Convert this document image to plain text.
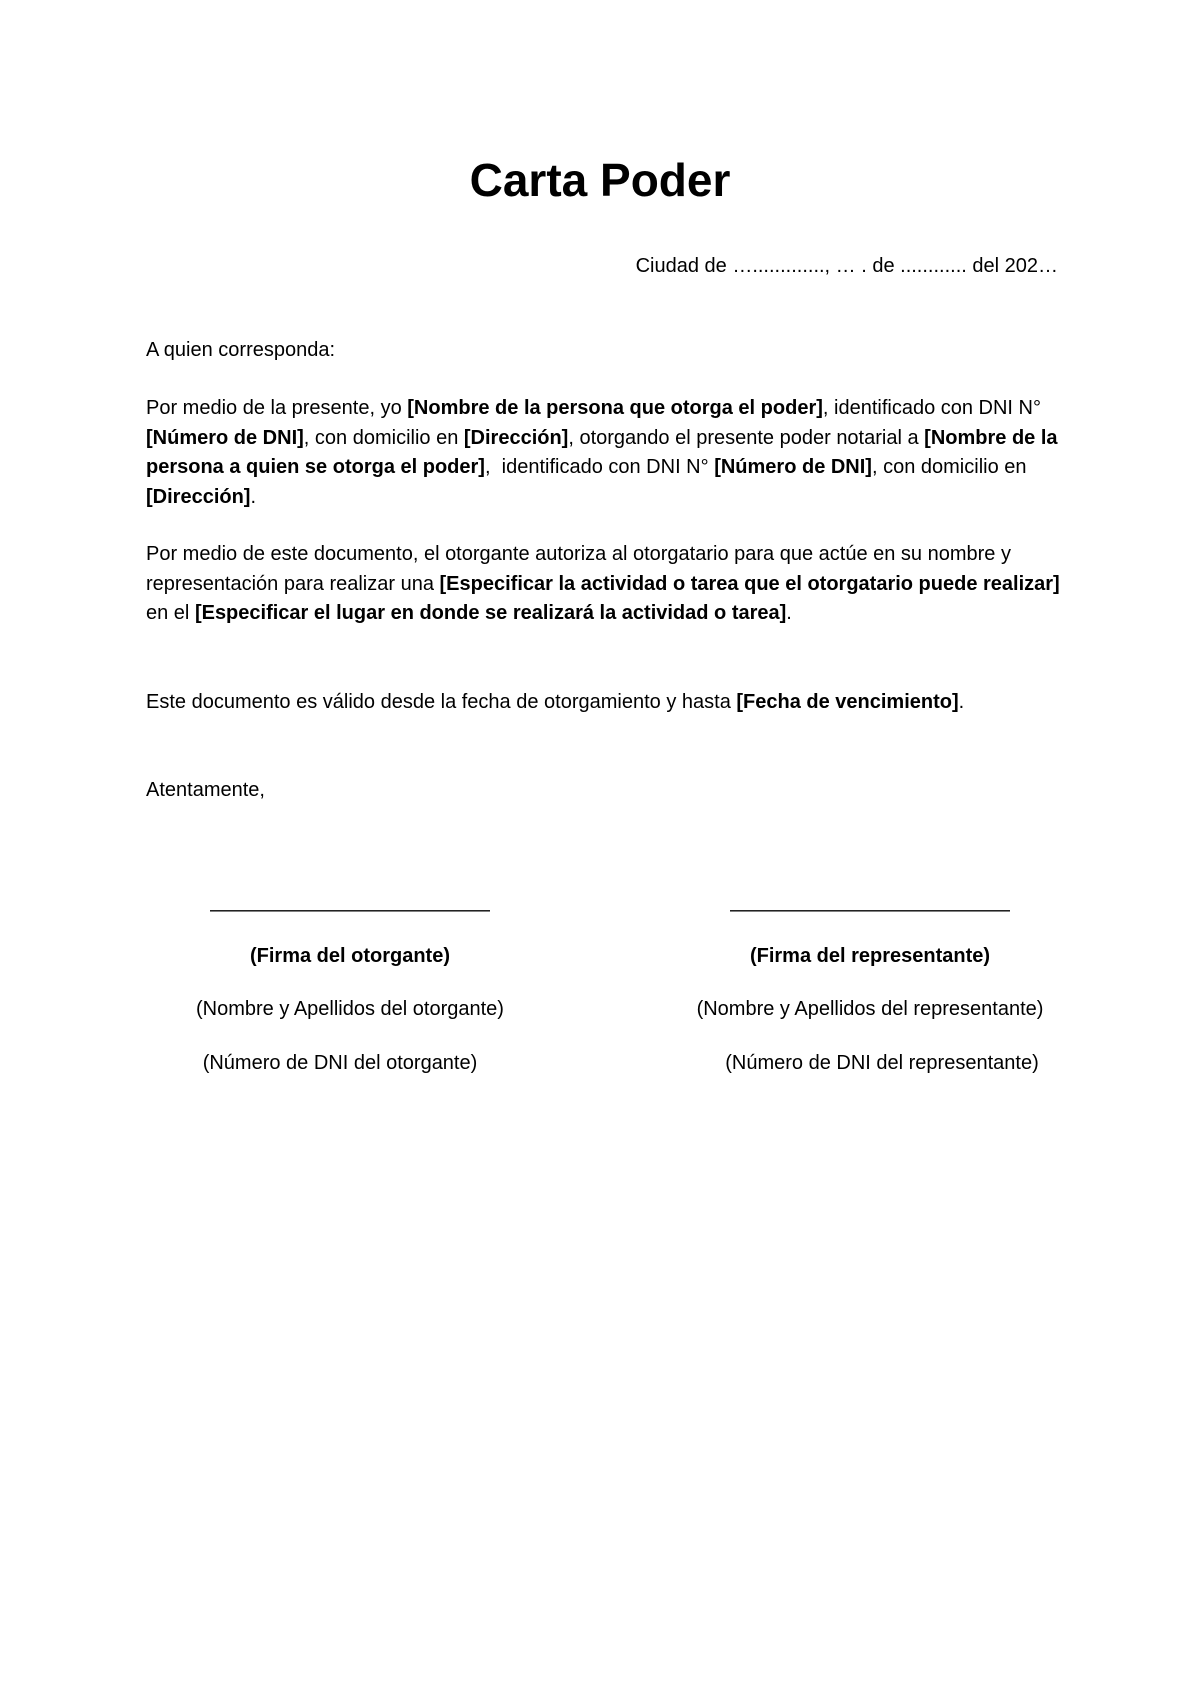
Carta Poder
Ciudad de …............., … . de ............ del 202…
A quien corresponda:

Por medio de la presente, yo [Nombre de la persona que otorga el poder], identificado con DNI N° [Número de DNI], con domicilio en [Dirección], otorgando el presente poder notarial a [Nombre de la persona a quien se otorga el poder],  identificado con DNI N° [Número de DNI], con domicilio en [Dirección].

Por medio de este documento, el otorgante autoriza al otorgatario para que actúe en su nombre y representación para realizar una [Especificar la actividad o tarea que el otorgatario puede realizar] en el [Especificar el lugar en donde se realizará la actividad o tarea].

Este documento es válido desde la fecha de otorgamiento y hasta [Fecha de vencimiento].

Atentamente,
——————————————
(Firma del otorgante)
(Nombre y Apellidos del otorgante)
(Número de DNI del otorgante)
——————————————
(Firma del representante)
(Nombre y Apellidos del representante)
(Número de DNI del representante)
